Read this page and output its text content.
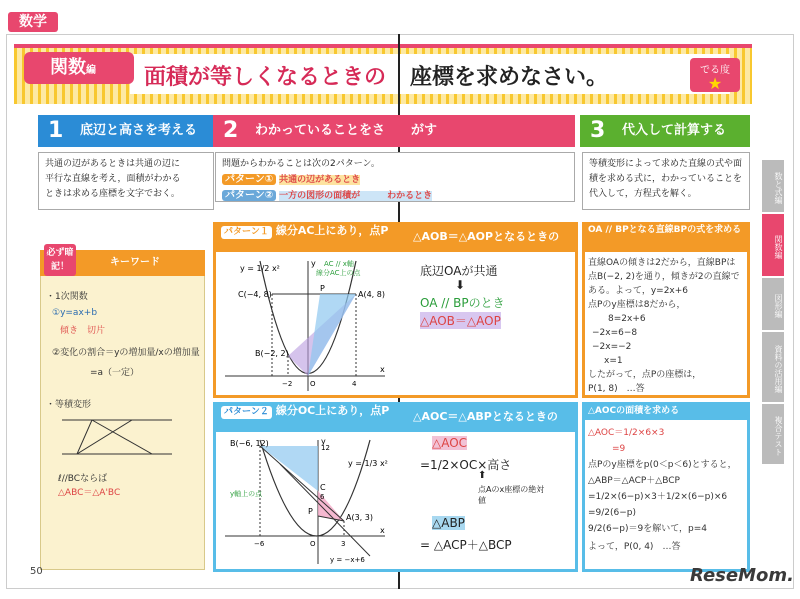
数学
関数編	面積が等しくなるときの 座標を求めなさい。	でる度
★
1 底辺と高さを考える	2 わかっていることをさ　　がす	3 代入して計算する
共通の辺があるときは共通の辺に
平行な直線を考え，面積がわかる
ときは求める座標を文字でおく。
問題からわかることは次の2パターン。
パターン① 共通の辺があるとき
パターン② 一方の図形の面積が　　　わかるとき
等積変形によって求めた直線の式や面
積を求める式に，わかっていることを
代入して，方程式を解く。
キーワード
必ず暗記！
・1次関数
①y=ax+b
傾き　切片
②変化の割合＝yの増加量/xの増加量
=a（一定）
・等積変形
ℓ//BCならば
△ABC＝△A'BC
パターン１ 線分AC上にあり，点P △AOB＝△AOPとなるときの
y = 1/2 x²
C(−4, 8)	A(4, 8)
B(−2, 2)
AC // x軸
線分AC上の点
−2	O	4
x
y
P
底辺OAが共通
⬇
OA // BPのとき
△AOB＝△AOP
パターン２ 線分OC上にあり，点P △AOC＝△ABPとなるときの
B(−6, 12)	12
y = 1/3 x²
y軸上の点
C
6
P
A(3, 3)
−6	O	3
y = −x+6
x
y	△AOC
=1/2×OC×高さ
⬆
点Aのx座標の絶対値
△ABP
= △ACP＋△BCP
OA // BPとなる直線BPの式を求める
直線OAの傾きは2だから，直線BPは
点B(−2, 2)を通り，傾きが2の直線で
ある。よって，y=2x+6
点Pのy座標は8だから，
8=2x+6
−2x=6−8
−2x=−2
x=1
したがって，点Pの座標は，
P(1, 8)　…答
△AOCの面積を求める
△AOC＝1/2×6×3
=9
点Pのy座標をp(0＜p＜6)とすると，
△ABP＝△ACP＋△BCP
=1/2×(6−p)×3＋1/2×(6−p)×6
=9/2(6−p)
9/2(6−p)＝9を解いて，p=4
よって，P(0, 4)　…答
数と式編
関数編
図形編
資料の活用編
複合テスト
50	ReseMom.
